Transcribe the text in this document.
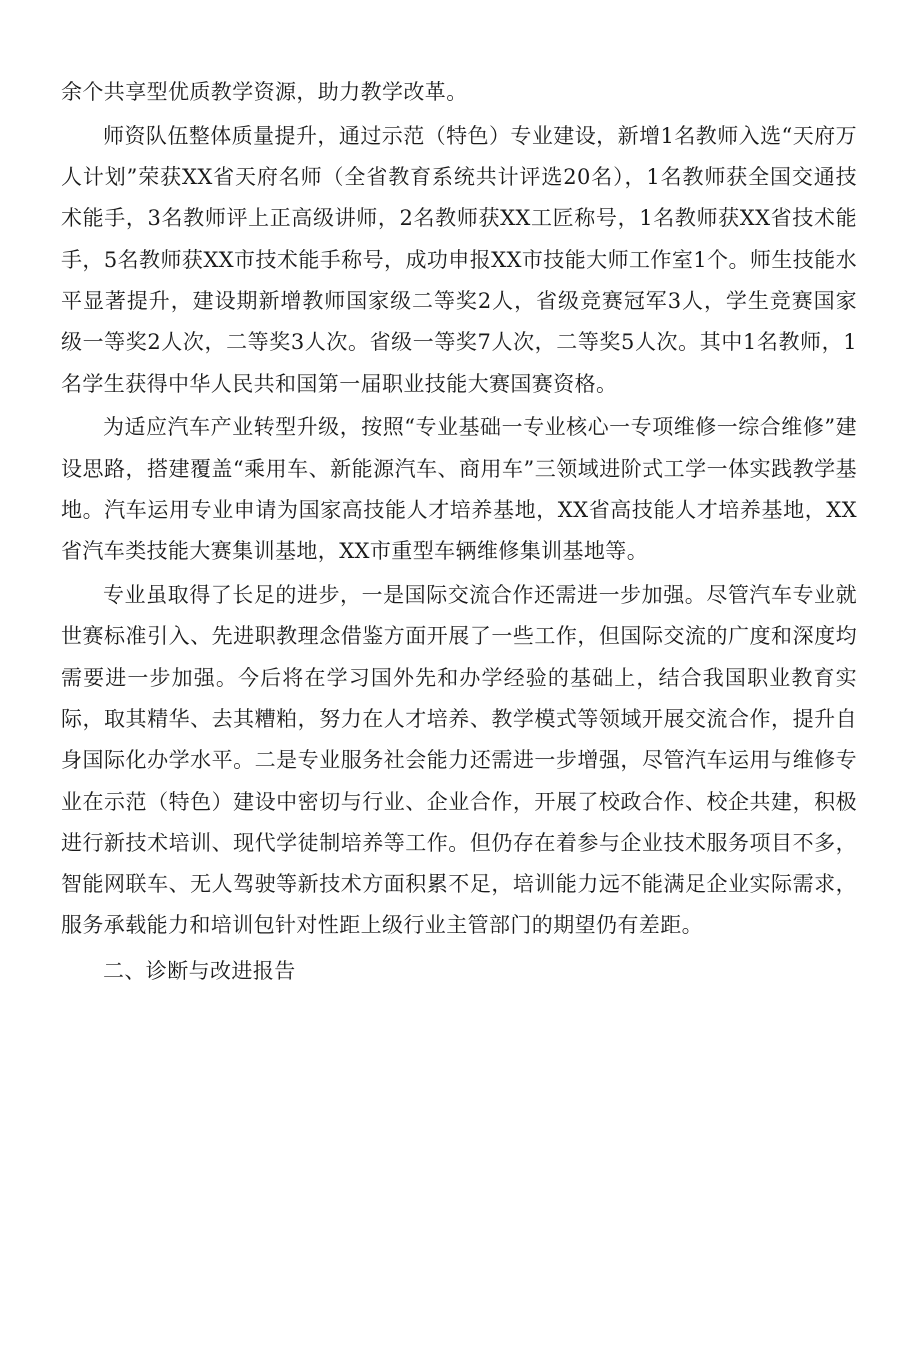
余个共享型优质教学资源，助力教学改革。

师资队伍整体质量提升，通过示范（特色）专业建设，新增1名教师入选“天府万人计划”荣获XX省天府名师（全省教育系统共计评选20名），1名教师获全国交通技术能手，3名教师评上正高级讲师，2名教师获XX工匠称号，1名教师获XX省技术能手，5名教师获XX市技术能手称号，成功申报XX市技能大师工作室1个。师生技能水平显著提升，建设期新增教师国家级二等奖2人，省级竞赛冠军3人，学生竞赛国家级一等奖2人次，二等奖3人次。省级一等奖7人次，二等奖5人次。其中1名教师，1名学生获得中华人民共和国第一届职业技能大赛国赛资格。

为适应汽车产业转型升级，按照“专业基础一专业核心一专项维修一综合维修”建设思路，搭建覆盖“乘用车、新能源汽车、商用车”三领域进阶式工学一体实践教学基地。汽车运用专业申请为国家高技能人才培养基地，XX省高技能人才培养基地，XX省汽车类技能大赛集训基地，XX市重型车辆维修集训基地等。

专业虽取得了长足的进步，一是国际交流合作还需进一步加强。尽管汽车专业就世赛标准引入、先进职教理念借鉴方面开展了一些工作，但国际交流的广度和深度均需要进一步加强。今后将在学习国外先和办学经验的基础上，结合我国职业教育实际，取其精华、去其糟粕，努力在人才培养、教学模式等领域开展交流合作，提升自身国际化办学水平。二是专业服务社会能力还需进一步增强，尽管汽车运用与维修专业在示范（特色）建设中密切与行业、企业合作，开展了校政合作、校企共建，积极进行新技术培训、现代学徒制培养等工作。但仍存在着参与企业技术服务项目不多，智能网联车、无人驾驶等新技术方面积累不足，培训能力远不能满足企业实际需求，服务承载能力和培训包针对性距上级行业主管部门的期望仍有差距。

二、诊断与改进报告
